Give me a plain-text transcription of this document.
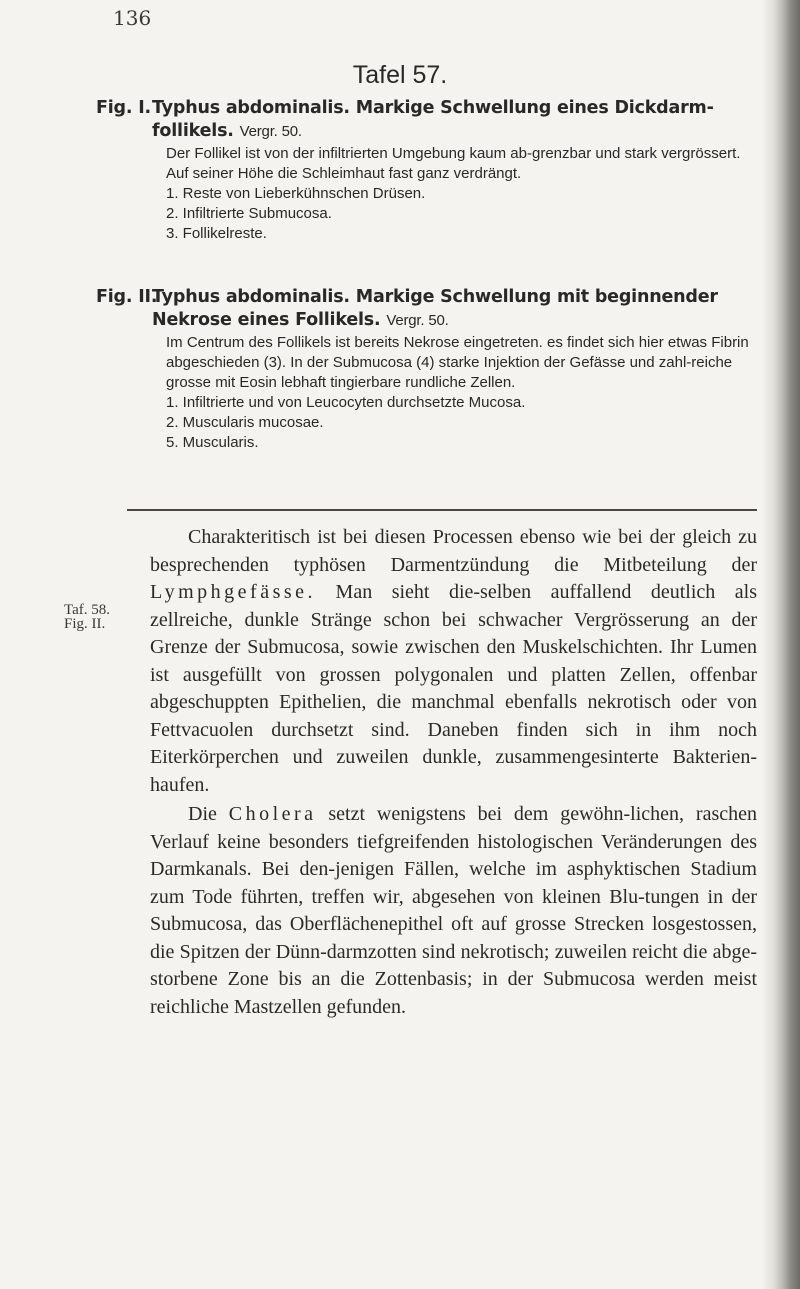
136
Tafel 57.
Fig. I. Typhus abdominalis. Markige Schwellung eines Dickdarm-follikels. Vergr. 50.

Der Follikel ist von der infiltrierten Umgebung kaum ab-grenzbar und stark vergrössert. Auf seiner Höhe die Schleimhaut fast ganz verdrängt.

1. Reste von Lieberkühnschen Drüsen.

2. Infiltrierte Submucosa.

3. Follikelreste.

Fig. II.
Typhus abdominalis. Markige Schwellung mit beginnender Nekrose eines Follikels. Vergr. 50.

Im Centrum des Follikels ist bereits Nekrose eingetreten. es findet sich hier etwas Fibrin abgeschieden (3). In der Submucosa (4) starke Injektion der Gefässe und zahl-reiche grosse mit Eosin lebhaft tingierbare rundliche Zellen.

1. Infiltrierte und von Leucocyten durchsetzte Mucosa.

2. Muscularis mucosae.

5. Muscularis.

Taf. 58.
Fig. II.

Charakteritisch ist bei diesen Processen ebenso wie bei der gleich zu besprechenden typhösen Darmentzündung die Mitbeteilung der Lymphgefässe. Man sieht die-selben auffallend deutlich als zellreiche, dunkle Stränge schon bei schwacher Vergrösserung an der Grenze der Submucosa, sowie zwischen den Muskelschichten. Ihr Lumen ist ausgefüllt von grossen polygonalen und platten Zellen, offenbar abgeschuppten Epithelien, die manchmal ebenfalls nekrotisch oder von Fettvacuolen durchsetzt sind. Daneben finden sich in ihm noch Eiterkörperchen und zuweilen dunkle, zusammengesinterte Bakterien-haufen.

Die Cholera setzt wenigstens bei dem gewöhn-lichen, raschen Verlauf keine besonders tiefgreifenden histologischen Veränderungen des Darmkanals. Bei den-jenigen Fällen, welche im asphyktischen Stadium zum Tode führten, treffen wir, abgesehen von kleinen Blu-tungen in der Submucosa, das Oberflächenepithel oft auf grosse Strecken losgestossen, die Spitzen der Dünn-darmzotten sind nekrotisch; zuweilen reicht die abge-storbene Zone bis an die Zottenbasis; in der Submucosa werden meist reichliche Mastzellen gefunden.
